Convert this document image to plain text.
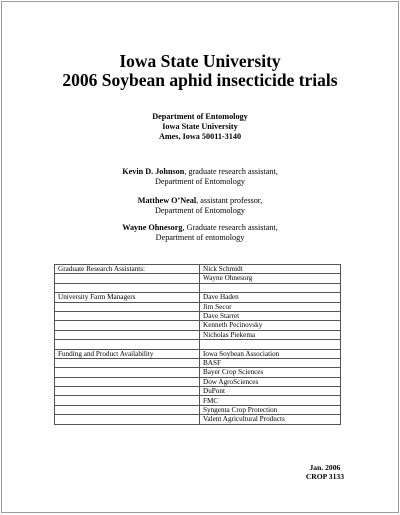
Iowa State University
2006 Soybean aphid insecticide trials
Department of Entomology
Iowa State University
Ames, Iowa 50011-3140
Kevin D. Johnson, graduate research assistant,
Department of Entomology
Matthew O’Neal, assistant professor,
Department of Entomology
Wayne Ohnesorg, Graduate research assistant,
Department of entomology
Graduate Research Assistants:	Nick Schmidt
	Wayne Ohnesorg

University Farm Managers	Dave Haden
	Jim Secor
	Dave Starret
	Kenneth Pecinovsky
	Nicholas Piekema

Funding and Product Availability	Iowa Soybean Association
	BASF
	Bayer Crop Sciences
	Dow AgroSciences
	DuPont
	FMC
	Syngenta Crop Protection
	Valent Agricultural Products
Jan. 2006
CROP 3133
